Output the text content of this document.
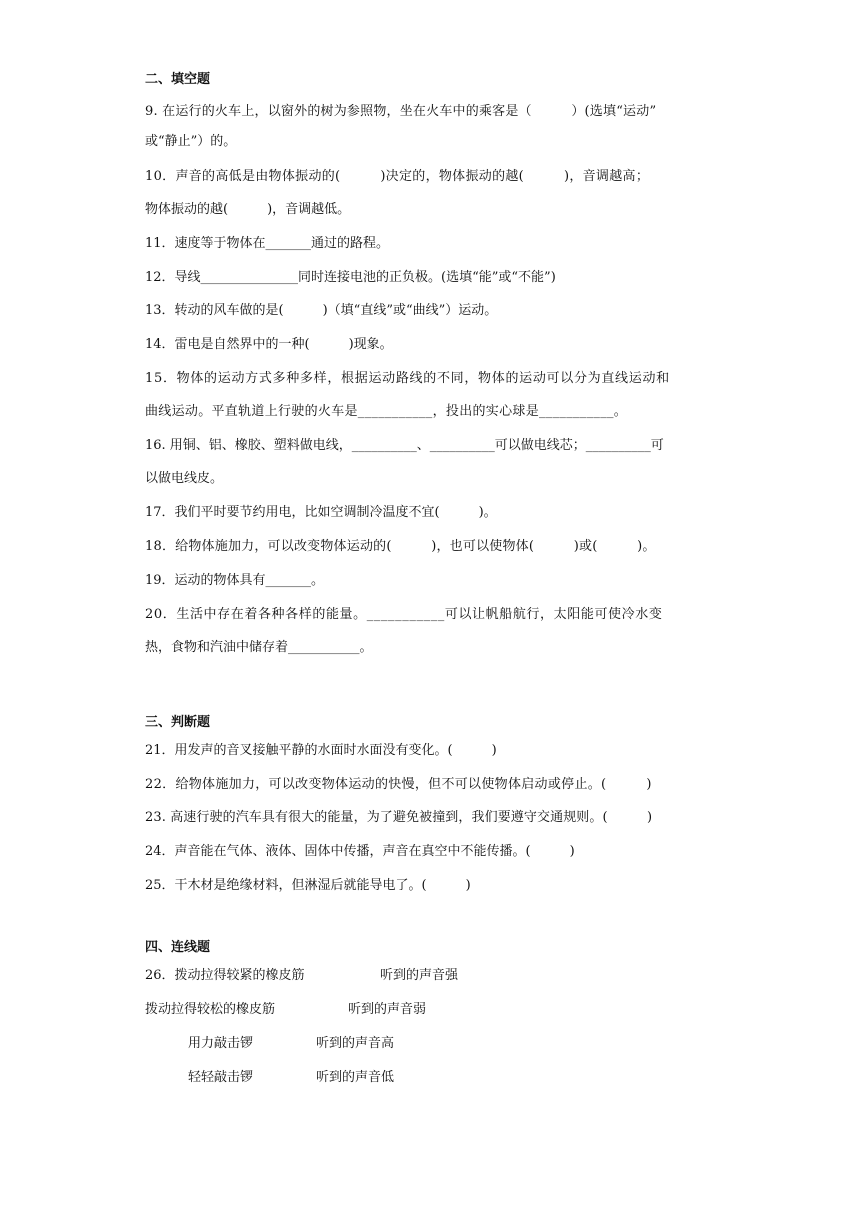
二、填空题
9. 在运行的火车上，以窗外的树为参照物，坐在火车中的乘客是（　　　）(选填“运动”
或“静止”）的。
10．声音的高低是由物体振动的(　　　)决定的，物体振动的越(　　　)，音调越高；
物体振动的越(　　　)，音调越低。
11．速度等于物体在_______通过的路程。
12．导线_______________同时连接电池的正负极。(选填“能”或“不能”)
13．转动的风车做的是(　　　)（填“直线”或“曲线”）运动。
14．雷电是自然界中的一种(　　　)现象。
15．物体的运动方式多种多样，根据运动路线的不同，物体的运动可以分为直线运动和
曲线运动。平直轨道上行驶的火车是___________，投出的实心球是___________。
16. 用铜、铝、橡胶、塑料做电线，__________、__________可以做电线芯；__________可
以做电线皮。
17．我们平时要节约用电，比如空调制冷温度不宜(　　　)。
18．给物体施加力，可以改变物体运动的(　　　)，也可以使物体(　　　)或(　　　)。
19．运动的物体具有_______。
20．生活中存在着各种各样的能量。___________可以让帆船航行，太阳能可使冷水变
热，食物和汽油中储存着___________。
三、判断题
21．用发声的音叉接触平静的水面时水面没有变化。(　　　)
22．给物体施加力，可以改变物体运动的快慢，但不可以使物体启动或停止。(　　　)
23. 高速行驶的汽车具有很大的能量，为了避免被撞到，我们要遵守交通规则。(　　　)
24．声音能在气体、液体、固体中传播，声音在真空中不能传播。(　　　)
25．干木材是绝缘材料，但淋湿后就能导电了。(　　　)
四、连线题
26．拨动拉得较紧的橡皮筋	听到的声音强
拨动拉得较松的橡皮筋	听到的声音弱
用力敲击锣	听到的声音高
轻轻敲击锣	听到的声音低
